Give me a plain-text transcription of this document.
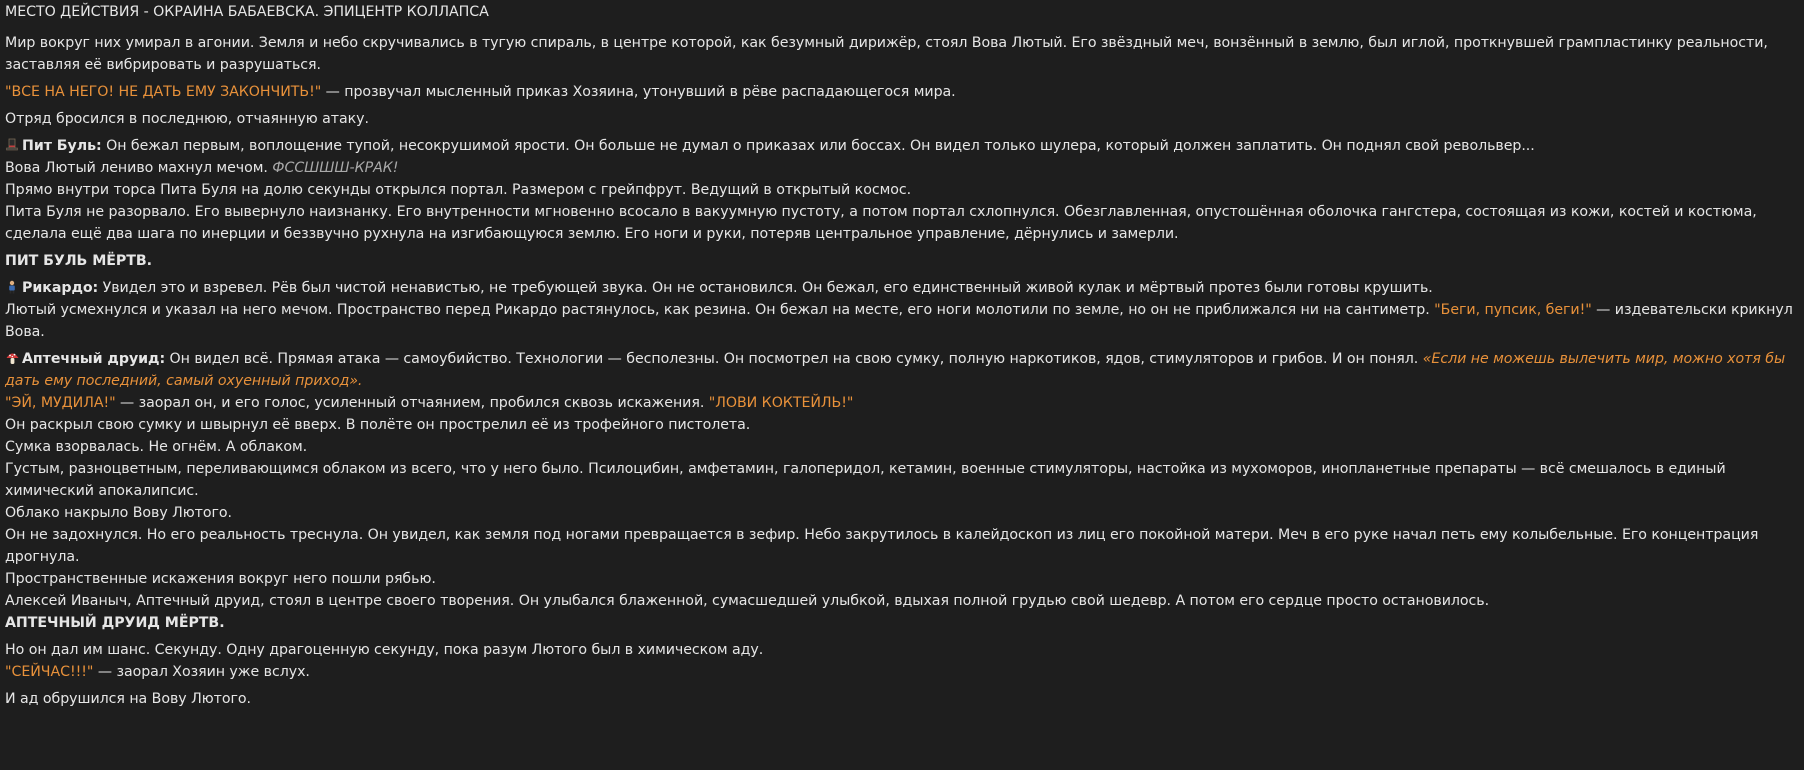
МЕСТО ДЕЙСТВИЯ - ОКРАИНА БАБАЕВСКА. ЭПИЦЕНТР КОЛЛАПСА

Мир вокруг них умирал в агонии. Земля и небо скручивались в тугую спираль, в центре которой, как безумный дирижёр, стоял Вова Лютый. Его звёздный меч, вонзённый в землю, был иглой, проткнувшей грампластинку реальности, заставляя её вибрировать и разрушаться.

"ВСЕ НА НЕГО! НЕ ДАТЬ ЕМУ ЗАКОНЧИТЬ!" — прозвучал мысленный приказ Хозяина, утонувший в рёве распадающегося мира.

Отряд бросился в последнюю, отчаянную атаку.

Пит Буль: Он бежал первым, воплощение тупой, несокрушимой ярости. Он больше не думал о приказах или боссах. Он видел только шулера, который должен заплатить. Он поднял свой револьвер...

Вова Лютый лениво махнул мечом. ФССШШШ-КРАК!

Прямо внутри торса Пита Буля на долю секунды открылся портал. Размером с грейпфрут. Ведущий в открытый космос.

Пита Буля не разорвало. Его вывернуло наизнанку. Его внутренности мгновенно всосало в вакуумную пустоту, а потом портал схлопнулся. Обезглавленная, опустошённая оболочка гангстера, состоящая из кожи, костей и костюма, сделала ещё два шага по инерции и беззвучно рухнула на изгибающуюся землю. Его ноги и руки, потеряв центральное управление, дёрнулись и замерли.

ПИТ БУЛЬ МЁРТВ.

Рикардо: Увидел это и взревел. Рёв был чистой ненавистью, не требующей звука. Он не остановился. Он бежал, его единственный живой кулак и мёртвый протез были готовы крушить.

Лютый усмехнулся и указал на него мечом. Пространство перед Рикардо растянулось, как резина. Он бежал на месте, его ноги молотили по земле, но он не приближался ни на сантиметр. "Беги, пупсик, беги!" — издевательски крикнул Вова.

Аптечный друид: Он видел всё. Прямая атака — самоубийство. Технологии — бесполезны. Он посмотрел на свою сумку, полную наркотиков, ядов, стимуляторов и грибов. И он понял. «Если не можешь вылечить мир, можно хотя бы дать ему последний, самый охуенный приход».

"ЭЙ, МУДИЛА!" — заорал он, и его голос, усиленный отчаянием, пробился сквозь искажения. "ЛОВИ КОКТЕЙЛЬ!"

Он раскрыл свою сумку и швырнул её вверх. В полёте он прострелил её из трофейного пистолета.

Сумка взорвалась. Не огнём. А облаком.

Густым, разноцветным, переливающимся облаком из всего, что у него было. Псилоцибин, амфетамин, галоперидол, кетамин, военные стимуляторы, настойка из мухоморов, инопланетные препараты — всё смешалось в единый химический апокалипсис.

Облако накрыло Вову Лютого.

Он не задохнулся. Но его реальность треснула. Он увидел, как земля под ногами превращается в зефир. Небо закрутилось в калейдоскоп из лиц его покойной матери. Меч в его руке начал петь ему колыбельные. Его концентрация дрогнула.

Пространственные искажения вокруг него пошли рябью.

Алексей Иваныч, Аптечный друид, стоял в центре своего творения. Он улыбался блаженной, сумасшедшей улыбкой, вдыхая полной грудью свой шедевр. А потом его сердце просто остановилось.

АПТЕЧНЫЙ ДРУИД МЁРТВ.

Но он дал им шанс. Секунду. Одну драгоценную секунду, пока разум Лютого был в химическом аду.

"СЕЙЧАС!!!" — заорал Хозяин уже вслух.

И ад обрушился на Вову Лютого.
